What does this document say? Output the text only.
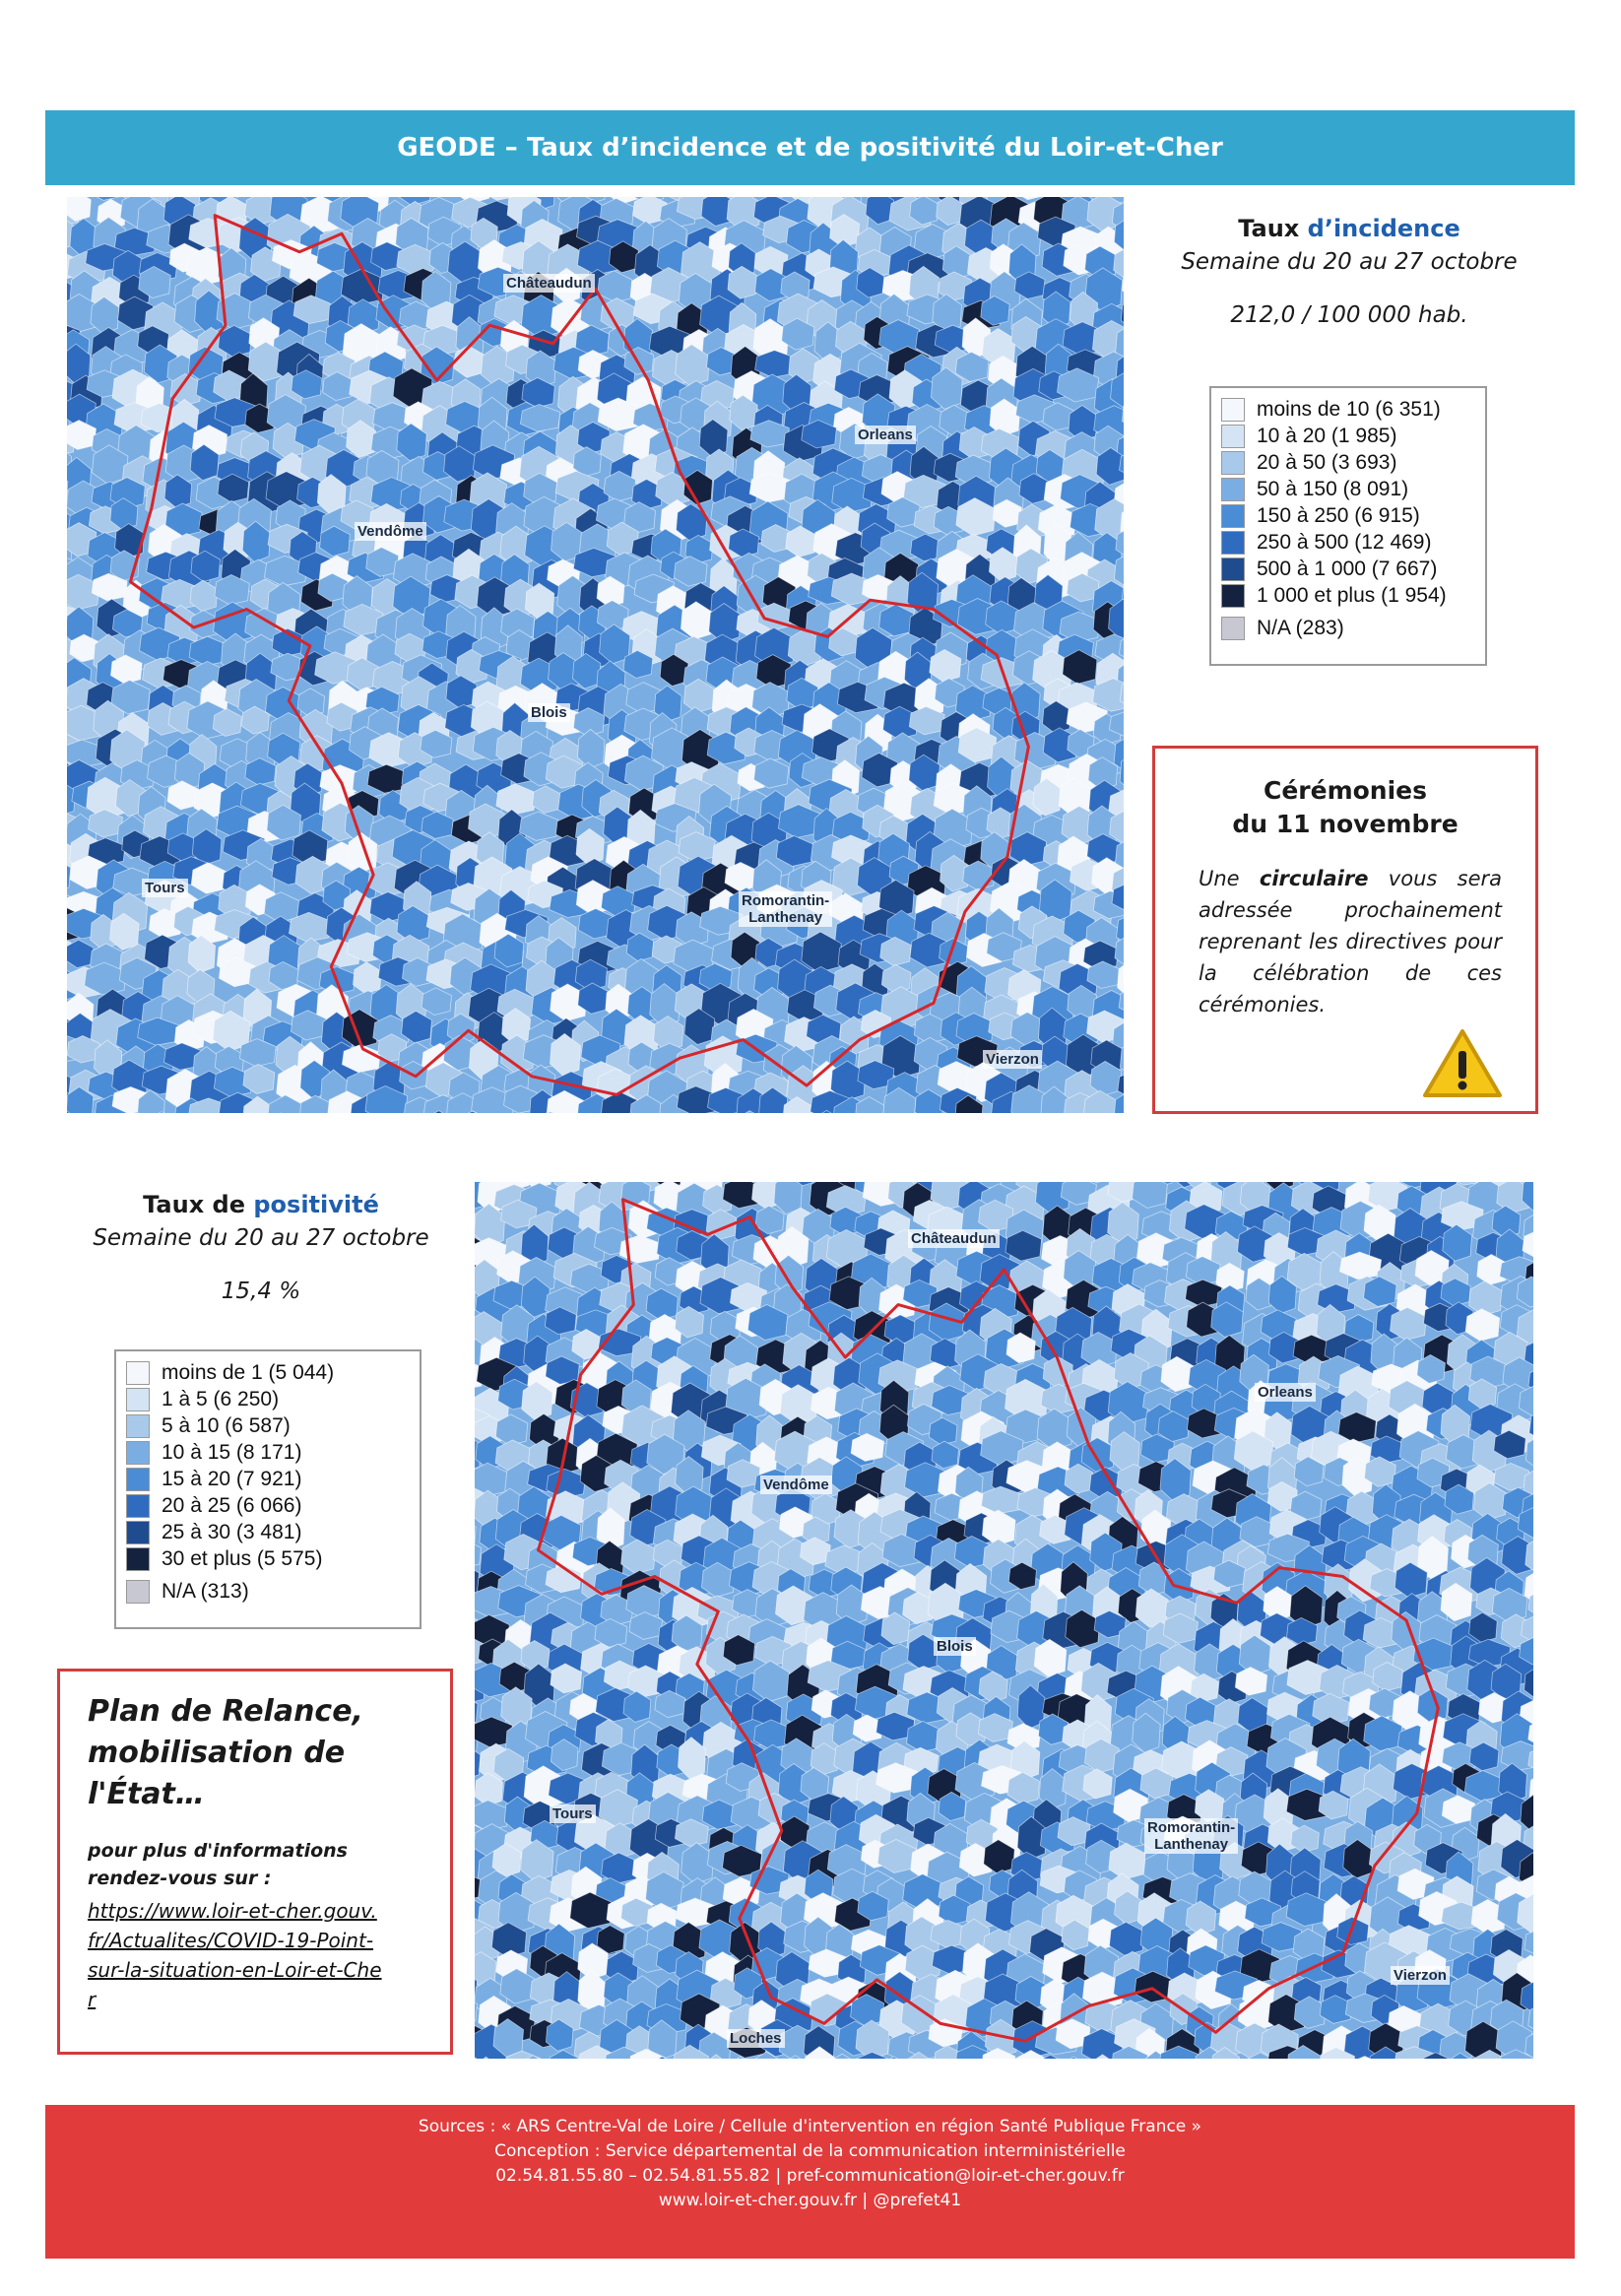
GEODE – Taux d’incidence et de positivité du Loir-et-Cher
Châteaudun
Orleans
Vendôme
Blois
Tours
Romorantin-
Lanthenay
Vierzon
Taux d’incidence
Semaine du 20 au 27 octobre
212,0 / 100 000 hab.
moins de 10 (6 351)
10 à 20 (1 985)
20 à 50 (3 693)
50 à 150 (8 091)
150 à 250 (6 915)
250 à 500 (12 469)
500 à 1 000 (7 667)
1 000 et plus (1 954)
N/A (283)
Cérémonies
du 11 novembre
Une circulaire vous sera adressée prochainement reprenant les directives pour la célébration de ces cérémonies.
Taux de positivité
Semaine du 20 au 27 octobre
15,4 %
moins de 1 (5 044)
1 à 5 (6 250)
5 à 10 (6 587)
10 à 15 (8 171)
15 à 20 (7 921)
20 à 25 (6 066)
25 à 30 (3 481)
30 et plus (5 575)
N/A (313)
Châteaudun
Orleans
Vendôme
Blois
Tours
Romorantin-
Lanthenay
Vierzon
Loches
Plan de Relance, mobilisation de l'État…
pour plus d'informations rendez-vous sur :
https://www.loir-et-cher.gouv.fr/Actualites/COVID-19-Point-sur-la-situation-en-Loir-et-Cher
Sources : « ARS Centre-Val de Loire / Cellule d'intervention en région Santé Publique France »
Conception : Service départemental de la communication interministérielle
02.54.81.55.80 – 02.54.81.55.82 | pref-communication@loir-et-cher.gouv.fr
www.loir-et-cher.gouv.fr | @prefet41
